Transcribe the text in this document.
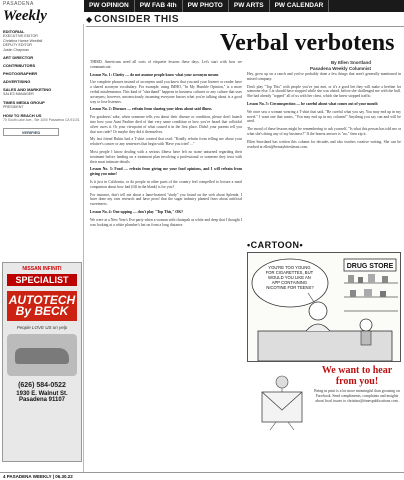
PASADENA
Weekly
PW OPINION	PW FAB 4th	PW PHOTO	PW ARTS	PW CALENDAR
◆ CONSIDER THIS
EDITORIAL
EXECUTIVE EDITOR
Christina Hanse Westfall
DEPUTY EDITOR
Justin Chapman
ART DIRECTOR
CONTRIBUTORS
PHOTOGRAPHER
ADVERTISING
SALES AND MARKETING
SALES MANAGER
TIMES MEDIA GROUP
PRESIDENT
HOW TO REACH US
70 South Lake Ave., Ste 1000 Pasadena CA 91101
VERIFIED
NISSAN INFINITI
SPECIALIST
AUTOTECH By BECK
People LOVE US on yelp
(626) 584-0522
1930 E. Walnut St. Pasadena 91107
Verbal verbotens
By Ellen Snortland
Pasadena Weekly Columnist

THIRD, Americans need all sorts of etiquette lessons these days. Let's start with how we communicate.

Lesson No. 1: Clarity — do not assume people know what your acronym means

Use complete phrases instead of acronyms until you know that you and your listener or reader have a shared acronym vocabulary. For example, using IMHO, "In My Humble Opinion," is a more verbal misdemeanor. This kind of "shorthand" happens in business cultures or any culture that uses acronyms; however, unconsciously assuming everyone knows what you're talking about is a good way to lose listeners.

Lesson No. 2: Diseases — refrain from sharing your ideas about said illness

For goodness' sake, when someone tells you about their disease or condition, please don't launch into how your Aunt Pauline died of that very same condition or how you've heard that colloidal silver cures it. Or your viewpoint of what caused it in the first place. Didn't your parents tell you that was rude? Or maybe they did it themselves.

My last friend Rubin had a T-shirt created that read: "Kindly refrain from telling me about your relative's cancer or any sentences that begin with 'Have you tried' ..."

Most people I know dealing with a serious illness have left no stone unturned regarding their treatment before landing on a treatment plan involving a professional or someone they trust with their most intimate details.

Lesson No. 3: Food — refrain from giving me your food opinions, and I will refrain from giving you mine!

Is it just in California, or do people in other parts of the country feel compelled to lecture a meal companion about how bad (fill in the blank) is for you?

For instance, don't tell me about a lame-brained "study" you found on the web about Splenda. I have done my own research and have proof that the sugar industry planted fears about artificial sweeteners.

Lesson No. 4: One upping — don't play "Top This," OK?

We were at a New Year's Eve party when a woman with chutzpah as white and deep that I thought I was looking at a white plumber's hat on from a long distance.

Hey, grow up on a ranch and you've probably done a few things that aren't generally mentioned in mixed company.

Don't play "Top This" with people you've just met, or it's a good bet they will make a beeline for someone else. Liz should have stopped while she was ahead, before she challenged me with the bull. She had already "topped" all of us with her chest, which she knew stopped traffic.

Lesson No. 5: Circumspection — be careful about what comes out of your mouth

We once saw a woman wearing a T-shirt that said, "Be careful what you say. You may end up in my novel." I want one that warns, "You may end up in my column!" Anything you say can and will be used.

The moral of these lessons might be remembering to ask yourself, "Is what this person has told me or what she's doing any of my business?" If the honest answer is "no," then zip it.

Ellen Snortland has written this column for decades and also teaches creative writing. She can be reached at ellen@beautybitesbeast.com.

•CARTOON•
YOU'RE TOO YOUNG FOR CIGARETTES, BUT WOULD YOU LIKE AN APP CONTAINING NICOTINE FOR TEENS?
DRUG STORE
We want to hear from you!
Being in print is a lot more meaningful than grousing on Facebook. Send compliments, complaints and insights about local issues to christina@timespublications.com.
4 PASADENA WEEKLY | 06.30.22
